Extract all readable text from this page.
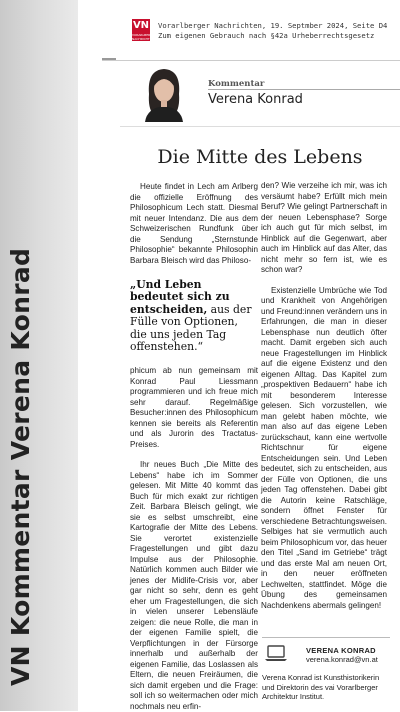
VN Kommentar Verena Konrad
VN
VORARLBERGER NACHRICHTEN
Vorarlberger Nachrichten, 19. Septmber 2024, Seite D4
Zum eigenen Gebrauch nach §42a Urheberrechtsgesetz
Kommentar
Verena Konrad
Die Mitte des Lebens

Heute findet in Lech am Arlberg die offizielle Eröffnung des Philosophicum Lech statt. Diesmal mit neuer Intendanz. Die aus dem Schweizerischen Rundfunk über die Sendung „Sternstunde Philosophie“ bekannte Philosophin Barbara Bleisch wird das Philoso-

„Und Leben bedeutet sich zu entscheiden, aus der Fülle von Optionen, die uns jeden Tag offenstehen.“

phicum ab nun gemeinsam mit Konrad Paul Liessmann programmieren und ich freue mich sehr darauf. Regelmäßige Besucher:innen des Philosophicum kennen sie bereits als Referentin und als Jurorin des Tractatus-Preises.

Ihr neues Buch „Die Mitte des Lebens“ habe ich im Sommer gelesen. Mit Mitte 40 kommt das Buch für mich exakt zur richtigen Zeit. Barbara Bleisch gelingt, wie sie es selbst umschreibt, eine Kartografie der Mitte des Lebens. Sie verortet existenzielle Fragestellungen und gibt dazu Impulse aus der Philosophie. Natürlich kommen auch Bilder wie jenes der Midlife-Crisis vor, aber gar nicht so sehr, denn es geht eher um Fragestellungen, die sich in vielen unserer Lebensläufe zeigen: die neue Rolle, die man in der eigenen Familie spielt, die Verpflichtungen in der Fürsorge innerhalb und außerhalb der eigenen Familie, das Loslassen als Eltern, die neuen Freiräumen, die sich damit ergeben und die Frage: soll ich so weitermachen oder mich nochmals neu erfin-

den? Wie verzeihe ich mir, was ich versäumt habe? Erfüllt mich mein Beruf? Wie gelingt Partnerschaft in der neuen Lebensphase? Sorge ich auch gut für mich selbst, im Hinblick auf die Gegenwart, aber auch im Hinblick auf das Alter, das nicht mehr so fern ist, wie es schon war?

Existenzielle Umbrüche wie Tod und Krankheit von Angehörigen und Freund:innen verändern uns in Erfahrungen, die man in dieser Lebensphase nun deutlich öfter macht. Damit ergeben sich auch neue Fragestellungen im Hinblick auf die eigene Existenz und den eigenen Alltag. Das Kapitel zum „prospektiven Bedauern“ habe ich mit besonderem Interesse gelesen. Sich vorzustellen, wie man gelebt haben möchte, wie man also auf das eigene Leben zurückschaut, kann eine wertvolle Richtschnur für eigene Entscheidungen sein. Und Leben bedeutet, sich zu entscheiden, aus der Fülle von Optionen, die uns jeden Tag offenstehen. Dabei gibt die Autorin keine Ratschläge, sondern öffnet Fenster für verschiedene Betrachtungsweisen. Selbiges hat sie vermutlich auch beim Philosophicum vor, das heuer den Titel „Sand im Getriebe“ trägt und das erste Mal am neuen Ort, in den neuer eröffneten Lechwelten, stattfindet. Möge die Übung des gemeinsamen Nachdenkens abermals gelingen!

VERENA KONRAD
verena.konrad@vn.at
Verena Konrad ist Kunsthistorikerin und Direktorin des vai Vorarlberger Architektur Institut.
